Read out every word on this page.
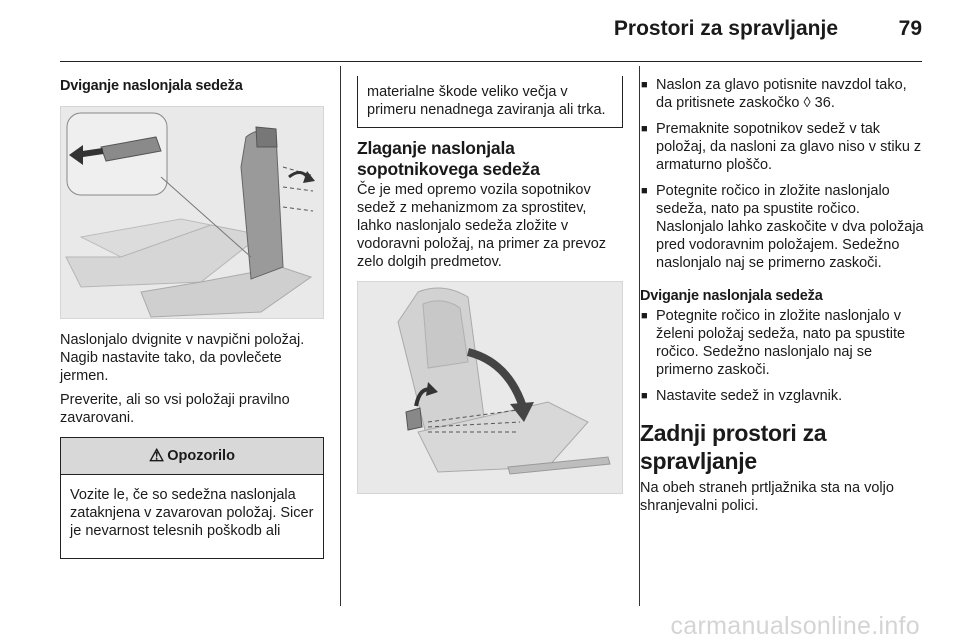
Prostori za spravljanje	79
Dviganje naslonjala sedeža
Naslonjalo dvignite v navpični položaj. Nagib nastavite tako, da povlečete jermen.
Preverite, ali so vsi položaji pravilno zavarovani.
⚠ Opozorilo
Vozite le, če so sedežna naslonjala zataknjena v zavarovan položaj. Sicer je nevarnost telesnih poškodb ali
materialne škode veliko večja v primeru nenadnega zaviranja ali trka.
Zlaganje naslonjala sopotnikovega sedeža
Če je med opremo vozila sopotnikov sedež z mehanizmom za sprostitev, lahko naslonjalo sedeža zložite v vodoravni položaj, na primer za prevoz zelo dolgih predmetov.
■ Naslon za glavo potisnite navzdol tako, da pritisnete zaskočko ◊ 36.
■ Premaknite sopotnikov sedež v tak položaj, da nasloni za glavo niso v stiku z armaturno ploščo.
■ Potegnite ročico in zložite naslonjalo sedeža, nato pa spustite ročico. Naslonjalo lahko zaskočite v dva položaja pred vodoravnim položajem. Sedežno naslonjalo naj se primerno zaskoči.
Dviganje naslonjala sedeža
■ Potegnite ročico in zložite naslonjalo v želeni položaj sedeža, nato pa spustite ročico. Sedežno naslonjalo naj se primerno zaskoči.
■ Nastavite sedež in vzglavnik.
Zadnji prostori za spravljanje
Na obeh straneh prtljažnika sta na voljo shranjevalni polici.
carmanualsonline.info
